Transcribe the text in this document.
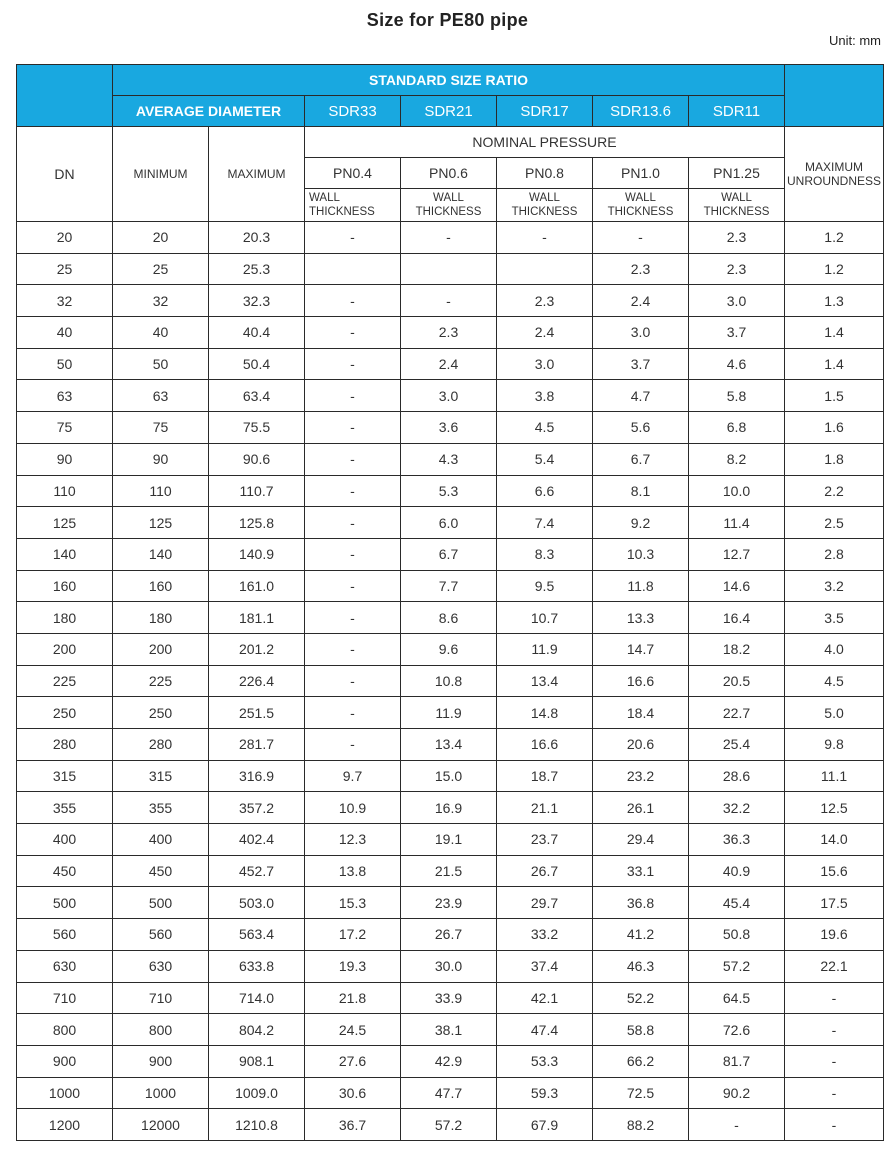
Size for PE80 pipe
Unit: mm
	STANDARD SIZE RATIO							
	AVERAGE DIAMETER		SDR33	SDR21	SDR17	SDR13.6	SDR11	
DN	MINIMUM	MAXIMUM	NOMINAL PRESSURE					MAXIMUM UNROUNDNESS
			PN0.4	PN0.6	PN0.8	PN1.0	PN1.25	
			WALL THICKNESS	WALL THICKNESS	WALL THICKNESS	WALL THICKNESS	WALL THICKNESS	
20	20	20.3	-	-	-	-	2.3	1.2
25	25	25.3				2.3	2.3	1.2
32	32	32.3	-	-	2.3	2.4	3.0	1.3
40	40	40.4	-	2.3	2.4	3.0	3.7	1.4
50	50	50.4	-	2.4	3.0	3.7	4.6	1.4
63	63	63.4	-	3.0	3.8	4.7	5.8	1.5
75	75	75.5	-	3.6	4.5	5.6	6.8	1.6
90	90	90.6	-	4.3	5.4	6.7	8.2	1.8
110	110	110.7	-	5.3	6.6	8.1	10.0	2.2
125	125	125.8	-	6.0	7.4	9.2	11.4	2.5
140	140	140.9	-	6.7	8.3	10.3	12.7	2.8
160	160	161.0	-	7.7	9.5	11.8	14.6	3.2
180	180	181.1	-	8.6	10.7	13.3	16.4	3.5
200	200	201.2	-	9.6	11.9	14.7	18.2	4.0
225	225	226.4	-	10.8	13.4	16.6	20.5	4.5
250	250	251.5	-	11.9	14.8	18.4	22.7	5.0
280	280	281.7	-	13.4	16.6	20.6	25.4	9.8
315	315	316.9	9.7	15.0	18.7	23.2	28.6	11.1
355	355	357.2	10.9	16.9	21.1	26.1	32.2	12.5
400	400	402.4	12.3	19.1	23.7	29.4	36.3	14.0
450	450	452.7	13.8	21.5	26.7	33.1	40.9	15.6
500	500	503.0	15.3	23.9	29.7	36.8	45.4	17.5
560	560	563.4	17.2	26.7	33.2	41.2	50.8	19.6
630	630	633.8	19.3	30.0	37.4	46.3	57.2	22.1
710	710	714.0	21.8	33.9	42.1	52.2	64.5	-
800	800	804.2	24.5	38.1	47.4	58.8	72.6	-
900	900	908.1	27.6	42.9	53.3	66.2	81.7	-
1000	1000	1009.0	30.6	47.7	59.3	72.5	90.2	-
1200	12000	1210.8	36.7	57.2	67.9	88.2	-	-
